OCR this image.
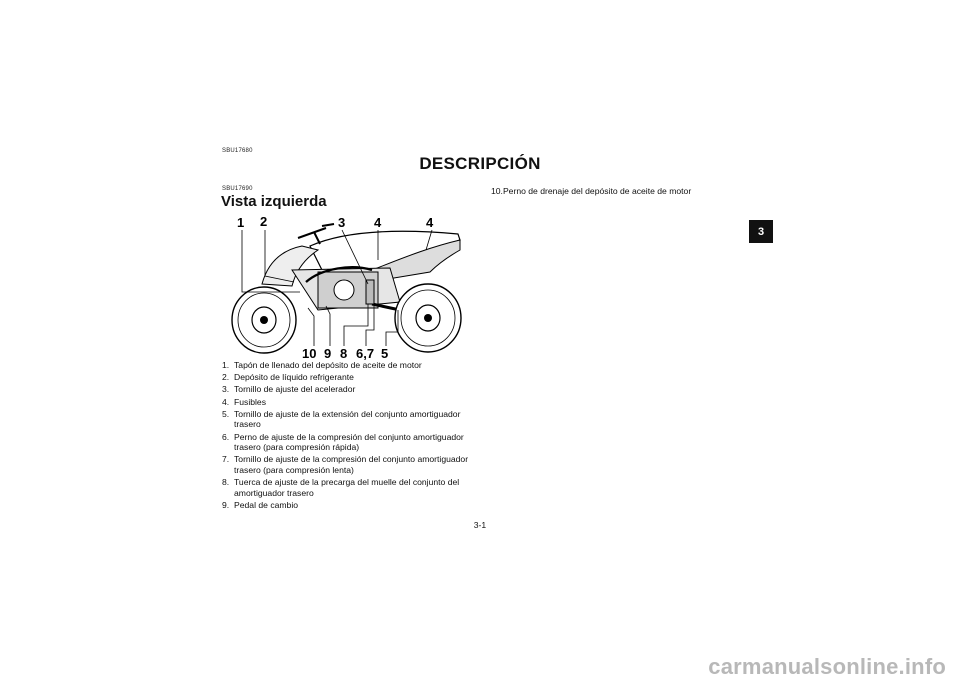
SBU17680
DESCRIPCIÓN
SBU17690
Vista izquierda
3
1 2	3 4	4
10 9 8 6,7 5
1. Tapón de llenado del depósito de aceite de motor
2. Depósito de líquido refrigerante
3. Tornillo de ajuste del acelerador
4. Fusibles
5. Tornillo de ajuste de la extensión del conjunto amortiguador trasero
6. Perno de ajuste de la compresión del conjunto amortiguador trasero (para compresión rápida)
7. Tornillo de ajuste de la compresión del conjunto amortiguador trasero (para compresión lenta)
8. Tuerca de ajuste de la precarga del muelle del conjunto del amortiguador trasero
9. Pedal de cambio
10. Perno de drenaje del depósito de aceite de motor
3-1
carmanualsonline.info
